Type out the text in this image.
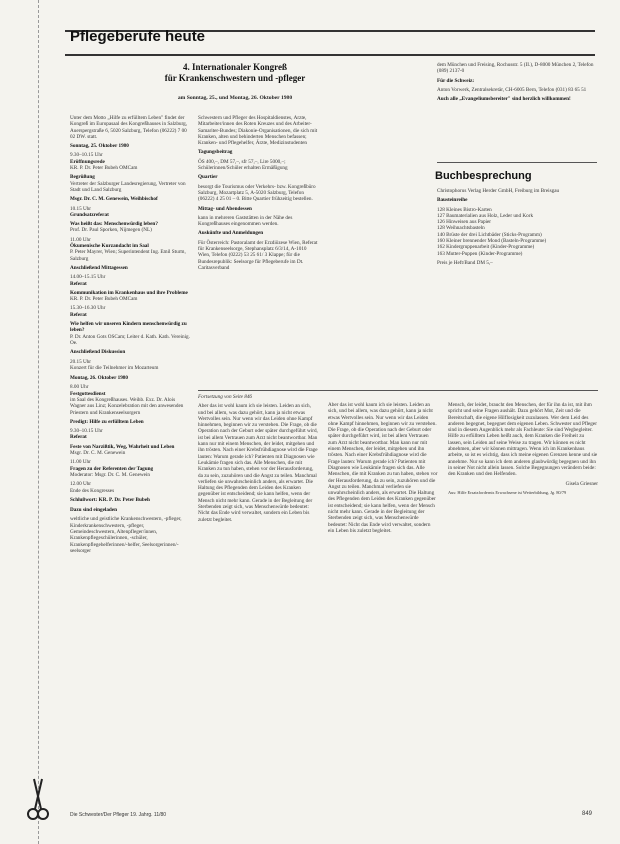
Pflegeberufe heute
4. Internationaler Kongreß
für Krankenschwestern und -pfleger
am Sonntag, 25., und Montag, 26. Oktober 1980

Unter dem Motto „Hilfe zu erfülltem Leben" findet der Kongreß im Europasaal des Kongreßhauses in Salzburg, Auerspergstraße 6, 5020 Salzburg, Telefon (06222) 7 00 02 DW. statt.

Sonntag, 25. Oktober 1980

9.30–10.15 Uhr
Eröffnungsrede
KR. P. Dr. Peter Bubeh OMCam
Begrüßung
Vertreter der Salzburger Landesregierung, Vertreter von Stadt und Land Salzburg
Msgr. Dr. C. M. Genewein, Weihbischof
10.15 Uhr
Grundsatzreferat
Was heißt das: Menschenwürdig leben?
Prof. Dr. Paul Sporken, Nijmegen (NL)
11.00 Uhr
Ökumenische Kurzandacht im Saal
P. Peter Mayrer, Wien; Superintendent Ing. Emil Sturm, Salzburg
Anschließend Mittagessen
14.00–15.15 Uhr
Referat
Kommunikation im Krankenhaus und ihre Probleme
KR. P. Dr. Peter Bubeh OMCam
15.30–16.30 Uhr
Referat
Wie helfen wir unseren Kindern menschenwürdig zu leben?
P. Dr. Anton Gots OSCam; Leiter d. Kath. Kath. Vereinig. Oe.
Anschließend Diskussion
20.15 Uhr
Konzert für die Teilnehmer im Mozarteum

Montag, 26. Oktober 1980

8.00 Uhr
Festgottesdienst
im Saal des Kongreßhauses. Weihb. Exz. Dr. Alois Wagner aus Linz; Konzelebration mit den anwesenden Priestern und Krankenseelsorgern
Predigt: Hilfe zu erfülltem Leben
9.30–10.15 Uhr
Referat
Feste von Narzißtik, Weg, Wahrheit und Leben
Msgr. Dr. C. M. Genewein
11.00 Uhr
Fragen zu der Referenten der Tagung
Moderator: Msgr. Dr. C. M. Genewein
12.00 Uhr
Ende des Kongresses
Schlußwort: KR. P. Dr. Peter Bubeh

Dazu sind eingeladen

weltliche und geistliche Krankenschwestern, -pfleger, Kinderkrankenschwestern, -pfleger, Gemeindeschwestern, Altenpfleger/innen, Krankenpflegeschülerinnen, -schüler, Krankenpflegehelferinnen/-helfer, Seelsorgerinnen/-seelsorger

Schwestern und Pfleger des Hospitaldienstes, Ärzte, Mitarbeiter/innen des Roten Kreuzes und des Arbeiter-Samariter-Bundes; Diakonie-Organisationen, die sich mit Kranken, alten und behinderten Menschen befassen; Kranken- und Pflegehelfer, Ärzte, Medizinstudenten

Tagungsbeitrag

ÖS 400,–, DM 57,–, sfr 57,–, Lire 5000,–; Schülerinnen/Schüler erhalten Ermäßigung

Quartier

besorgt die Tourismus oder Verkehrs- bzw. Kongreßbüro Salzburg, Mozartplatz 5, A-5020 Salzburg, Telefon (06222) 4 25 01 – 0. Bitte Quartier frühzeitig bestellen.

Mittag- und Abendessen

kann in mehreren Gaststätten in der Nähe des Kongreßhauses eingenommen werden.

Auskünfte und Anmeldungen

Für Österreich: Pastoralamt der Erzdiözese Wien, Referat für Krankenseelsorge, Stephansplatz 6/3/14, A-1010 Wien, Telefon (0222) 53 25 61/ 3 Klappe; für die Bundesrepublik: Seelsorge für Pflegeberufe im Dt. Caritasverband

dem München und Freising, Rochusstr. 5 (II.), D-8000 München 2, Telefon (089) 2137-0

Für die Schweiz:

Anton Vorwerk, Zentralsekretär, CH-6005 Bern, Telefon (031) 83 65 51

Auch alle „Evangeliumsbereiter" sind herzlich willkommen!

Buchbesprechung

Christophorus Verlag Herder GmbH, Freiburg im Breisgau

Bausteinreihe

128 Kleines Bistro-Karten
127 Baumaterialien aus Holz, Leder und Kork
126 Hinweisen aus Papier
128 Weihnachtsbasteln
140 Brüste der drei Lichtbäder (Sticks-Programm)
160 Kleiner brennender Mond (Basteln-Programme)
162 Kindergruppenarbeit (Kinder-Programme)
163 Mutter-Puppen (Kinder-Programme)

Preis je Heft/Band DM 5,–

Fortsetzung von Seite 846

Aber das ist wohl kaum ich sie leisten. Leiden an sich, und bei allem, was dazu gehört, kann ja nicht etwas Wertvolles sein. Nur wenn wir das Leiden ohne Kampf hinnehmen, beginnen wir zu verstehen. Die Frage, ob die Operation nach der Geburt oder später durchgeführt wird, ist bei allem Vertrauen zum Arzt nicht beantwortbar. Man kann nur mit einem Menschen, der leidet, mitgehen und ihn trösten. Nach einer Krebsfrühdiagnose wird die Frage lauten: Warum gerade ich? Patienten mit Diagnosen wie Leukämie fragen sich das. Alle Menschen, die mit Kranken zu tun haben, stehen vor der Herausforderung, da zu sein, zuzuhören und die Angst zu teilen. Manchmal verliefen sie unwahrscheinlich anders, als erwartet. Die Haltung des Pflegenden dem Leiden des Kranken gegenüber ist entscheidend; sie kann helfen, wenn der Mensch nicht mehr kann. Gerade in der Begleitung der Sterbenden zeigt sich, was Menschenwürde bedeutet: Nicht das Ende wird verwaltet, sondern ein Leben bis zuletzt begleitet.

Aber das ist wohl kaum ich sie leisten. Leiden an sich, und bei allem, was dazu gehört, kann ja nicht etwas Wertvolles sein. Nur wenn wir das Leiden ohne Kampf hinnehmen, beginnen wir zu verstehen. Die Frage, ob die Operation nach der Geburt oder später durchgeführt wird, ist bei allem Vertrauen zum Arzt nicht beantwortbar. Man kann nur mit einem Menschen, der leidet, mitgehen und ihn trösten. Nach einer Krebsfrühdiagnose wird die Frage lauten: Warum gerade ich? Patienten mit Diagnosen wie Leukämie fragen sich das. Alle Menschen, die mit Kranken zu tun haben, stehen vor der Herausforderung, da zu sein, zuzuhören und die Angst zu teilen. Manchmal verliefen sie unwahrscheinlich anders, als erwartet. Die Haltung des Pflegenden dem Leiden des Kranken gegenüber ist entscheidend; sie kann helfen, wenn der Mensch nicht mehr kann. Gerade in der Begleitung der Sterbenden zeigt sich, was Menschenwürde bedeutet: Nicht das Ende wird verwaltet, sondern ein Leben bis zuletzt begleitet.

Mensch, der leidet, braucht den Menschen, der für ihn da ist, mit ihm spricht und seine Fragen aushält. Dazu gehört Mut, Zeit und die Bereitschaft, die eigene Hilflosigkeit zuzulassen. Wer dem Leid des anderen begegnet, begegnet dem eigenen Leben. Schwester und Pfleger sind in diesem Augenblick mehr als Fachleute: Sie sind Wegbegleiter. Hilfe zu erfülltem Leben heißt auch, dem Kranken die Freiheit zu lassen, sein Leiden auf seine Weise zu tragen. Wir können es nicht abnehmen, aber wir können mittragen. Wenn ich im Krankenhaus arbeite, so ist es wichtig, dass ich meine eigenen Grenzen kenne und sie annehme. Nur so kann ich dem anderen glaubwürdig begegnen und ihn in seiner Not nicht allein lassen. Solche Begegnungen verändern beide: den Kranken und den Helfenden.

Gisela Griesner

Aus: Hilfe Ersatzfordernis Erwachsene ist Weiterbildung, Jg. 80/79

Die Schwester/Der Pfleger 19. Jahrg. 11/80	849
